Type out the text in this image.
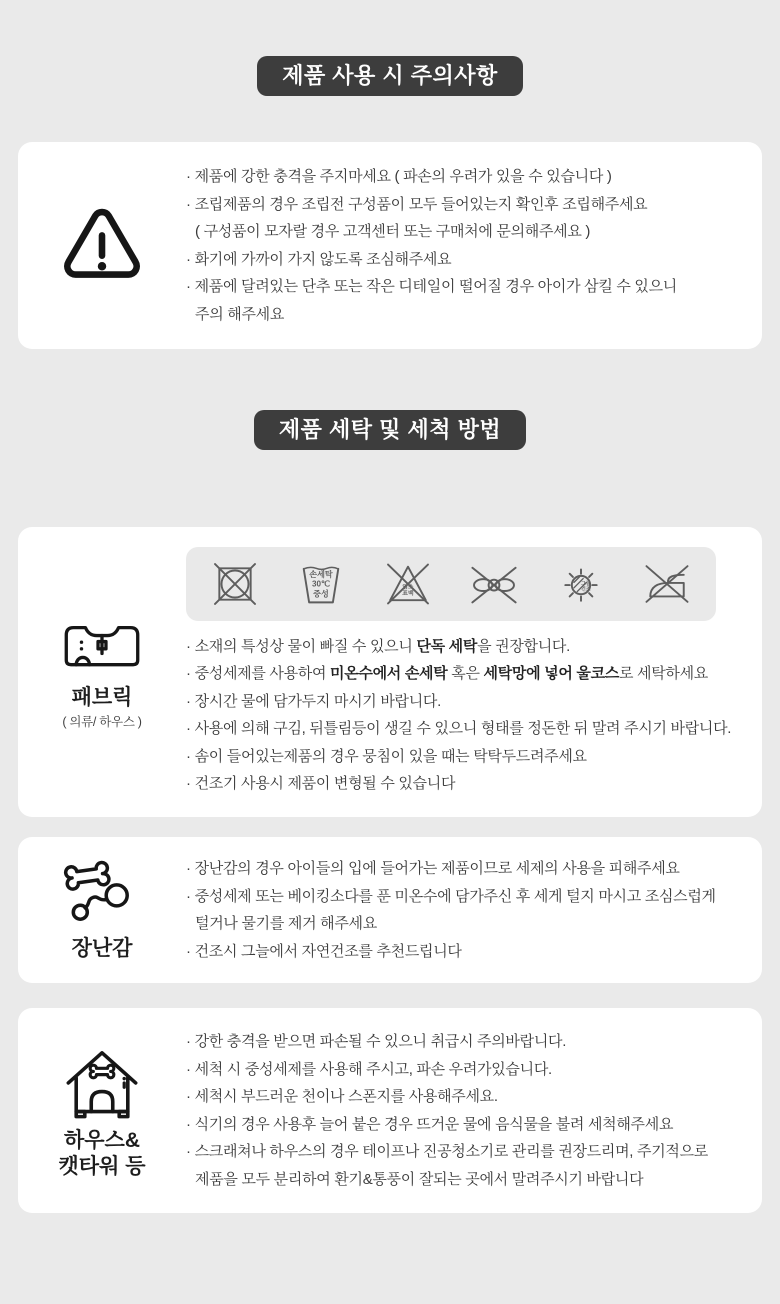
제품 사용 시 주의사항

· 제품에 강한 충격을 주지마세요 ( 파손의 우려가 있을 수 있습니다 )

· 조립제품의 경우 조립전 구성품이 모두 들어있는지 확인후 조립해주세요

( 구성품이 모자랄 경우 고객센터 또는 구매처에 문의해주세요 )

· 화기에 가까이 가지 않도록 조심해주세요

· 제품에 달려있는 단추 또는 작은 디테일이 떨어질 경우 아이가 삼킬 수 있으니

주의 해주세요

제품 세탁 및 세척 방법
패브릭
( 의류/ 하우스 )
손세탁
30℃
중성
염소
표백
그늘
건조

· 소재의 특성상 물이 빠질 수 있으니 단독 세탁을 권장합니다.

· 중성세제를 사용하여 미온수에서 손세탁 혹은 세탁망에 넣어 울코스로 세탁하세요

· 장시간 물에 담가두지 마시기 바랍니다.

· 사용에 의해 구김, 뒤틀림등이 생길 수 있으니 형태를 정돈한 뒤 말려 주시기 바랍니다.

· 솜이 들어있는제품의 경우 뭉침이 있을 때는 탁탁두드려주세요

· 건조기 사용시 제품이 변형될 수 있습니다

장난감

· 장난감의 경우 아이들의 입에 들어가는 제품이므로 세제의 사용을 피해주세요

· 중성세제 또는 베이킹소다를 푼 미온수에 담가주신 후 세게 털지 마시고 조심스럽게

털거나 물기를 제거 해주세요

· 건조시 그늘에서 자연건조를 추천드립니다

하우스&
캣타워 등

· 강한 충격을 받으면 파손될 수 있으니 취급시 주의바랍니다.

· 세척 시 중성세제를 사용해 주시고, 파손 우려가있습니다.

· 세척시 부드러운 천이나 스폰지를 사용해주세요.

· 식기의 경우 사용후 늘어 붙은 경우 뜨거운 물에 음식물을 불려 세척해주세요

· 스크래쳐나 하우스의 경우 테이프나 진공청소기로 관리를 권장드리며, 주기적으로

제품을 모두 분리하여 환기&통풍이 잘되는 곳에서 말려주시기 바랍니다
